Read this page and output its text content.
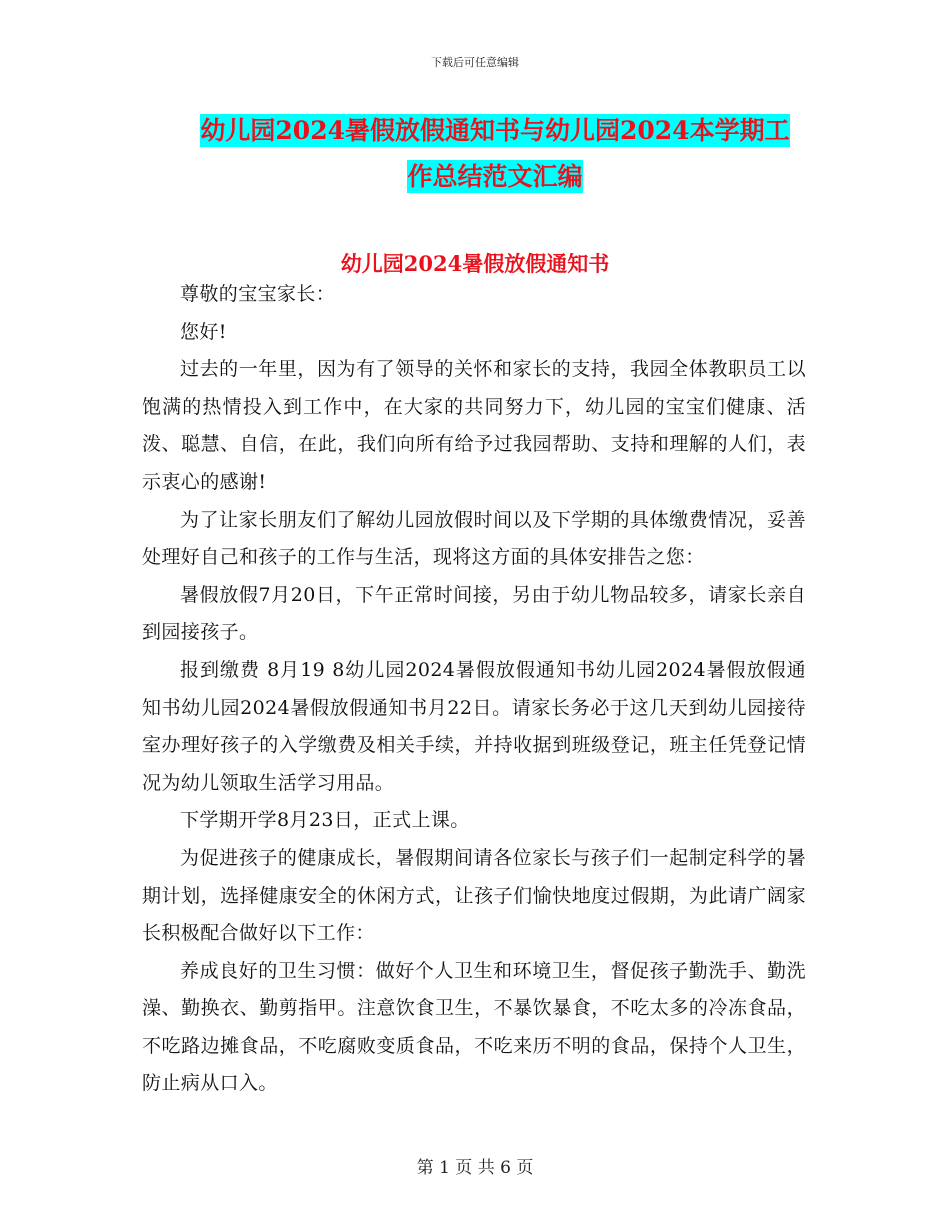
下载后可任意编辑
幼儿园2024暑假放假通知书与幼儿园2024本学期工
作总结范文汇编
幼儿园2024暑假放假通知书

尊敬的宝宝家长：

您好!

过去的一年里，因为有了领导的关怀和家长的支持，我园全体教职员工以饱满的热情投入到工作中，在大家的共同努力下，幼儿园的宝宝们健康、活泼、聪慧、自信，在此，我们向所有给予过我园帮助、支持和理解的人们，表示衷心的感谢!

为了让家长朋友们了解幼儿园放假时间以及下学期的具体缴费情况，妥善处理好自己和孩子的工作与生活，现将这方面的具体安排告之您：

暑假放假7月20日，下午正常时间接，另由于幼儿物品较多，请家长亲自到园接孩子。

报到缴费 8月19 8幼儿园2024暑假放假通知书幼儿园2024暑假放假通知书幼儿园2024暑假放假通知书月22日。请家长务必于这几天到幼儿园接待室办理好孩子的入学缴费及相关手续，并持收据到班级登记，班主任凭登记情况为幼儿领取生活学习用品。

下学期开学8月23日，正式上课。

为促进孩子的健康成长，暑假期间请各位家长与孩子们一起制定科学的暑期计划，选择健康安全的休闲方式，让孩子们愉快地度过假期，为此请广阔家长积极配合做好以下工作：

养成良好的卫生习惯：做好个人卫生和环境卫生，督促孩子勤洗手、勤洗澡、勤换衣、勤剪指甲。注意饮食卫生，不暴饮暴食，不吃太多的冷冻食品，不吃路边摊食品，不吃腐败变质食品，不吃来历不明的食品，保持个人卫生，防止病从口入。

第 1 页 共 6 页
